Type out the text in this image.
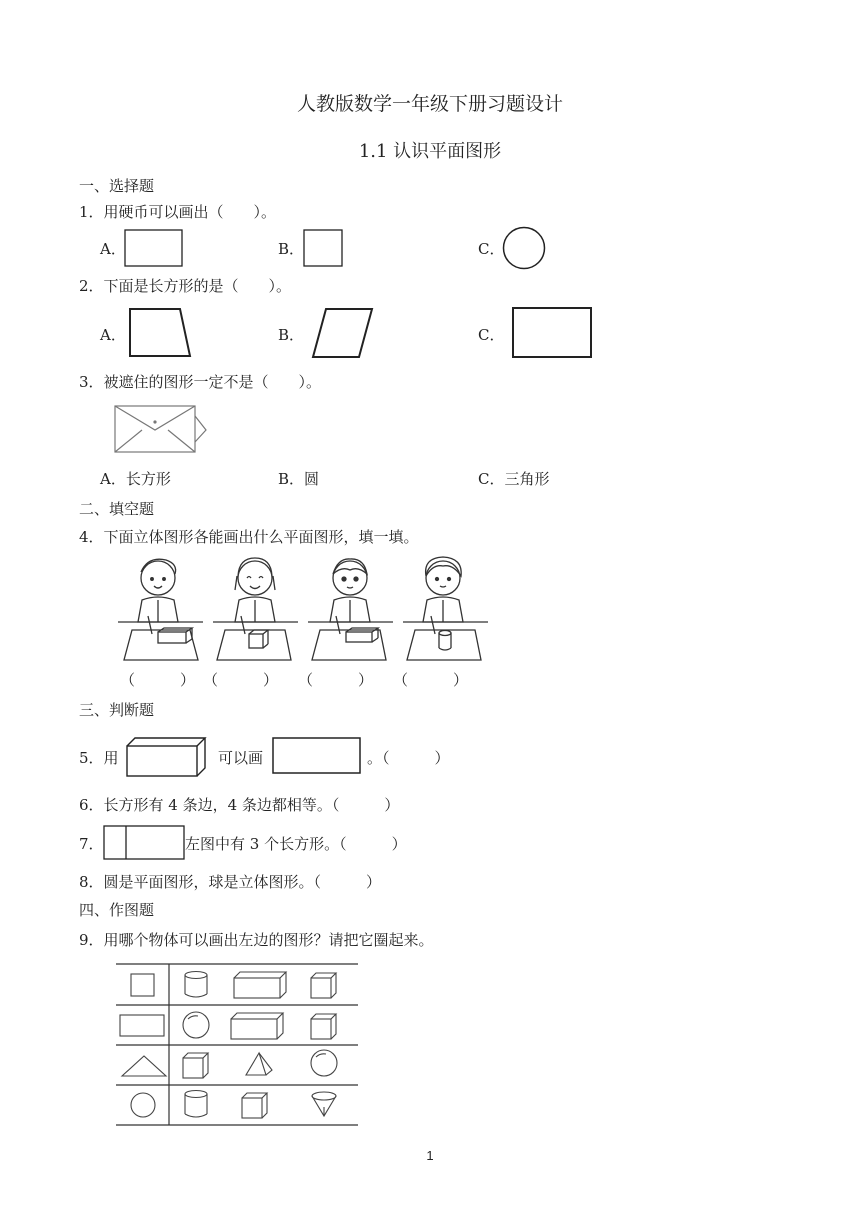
人教版数学一年级下册习题设计
1.1 认识平面图形
一、选择题
1．用硬币可以画出（　　）。
A．	B．	C．
2．下面是长方形的是（　　）。
A．	B．	C．
3．被遮住的图形一定不是（　　）。
A．长方形	B．圆	C．三角形
二、填空题
4．下面立体图形各能画出什么平面图形，填一填。
（　　　） （　　　） （　　　） （　　　）
三、判断题
5．用	可以画	。（　　　）
6．长方形有 4 条边，4 条边都相等。（　　　）
7．	左图中有 3 个长方形。（　　　）
8．圆是平面图形，球是立体图形。（　　　）
四、作图题
9．用哪个物体可以画出左边的图形？请把它圈起来。
1
